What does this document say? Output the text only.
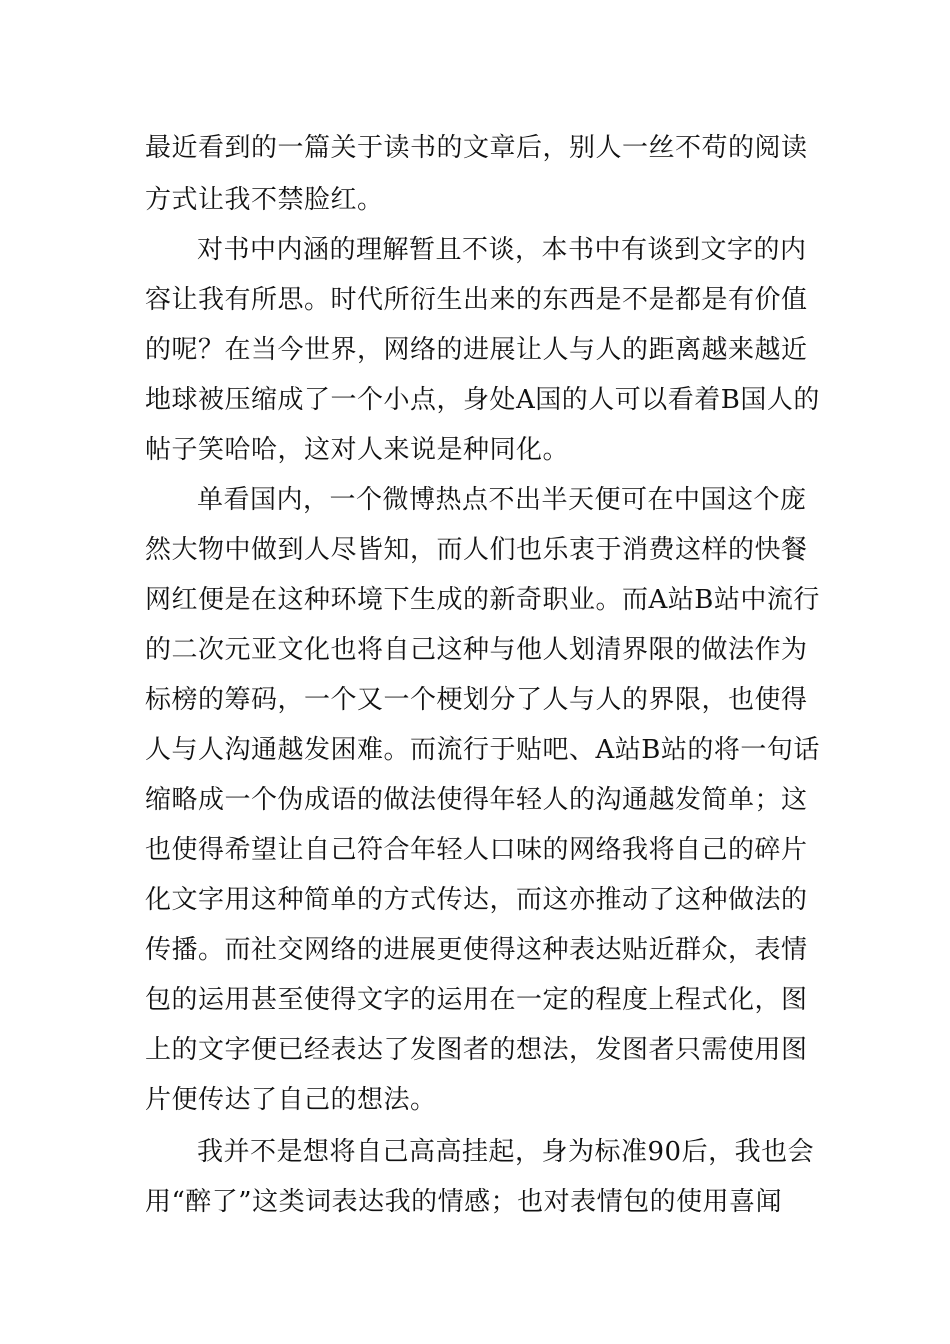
最近看到的一篇关于读书的文章后，别人一丝不苟的阅读
方式让我不禁脸红。
对书中内涵的理解暂且不谈，本书中有谈到文字的内
容让我有所思。时代所衍生出来的东西是不是都是有价值
的呢？在当今世界，网络的进展让人与人的距离越来越近
地球被压缩成了一个小点，身处A国的人可以看着B国人的
帖子笑哈哈，这对人来说是种同化。
单看国内，一个微博热点不出半天便可在中国这个庞
然大物中做到人尽皆知，而人们也乐衷于消费这样的快餐
网红便是在这种环境下生成的新奇职业。而A站B站中流行
的二次元亚文化也将自己这种与他人划清界限的做法作为
标榜的筹码，一个又一个梗划分了人与人的界限，也使得
人与人沟通越发困难。而流行于贴吧、A站B站的将一句话
缩略成一个伪成语的做法使得年轻人的沟通越发简单；这
也使得希望让自己符合年轻人口味的网络我将自己的碎片
化文字用这种简单的方式传达，而这亦推动了这种做法的
传播。而社交网络的进展更使得这种表达贴近群众，表情
包的运用甚至使得文字的运用在一定的程度上程式化，图
上的文字便已经表达了发图者的想法，发图者只需使用图
片便传达了自己的想法。
我并不是想将自己高高挂起，身为标准90后，我也会
用“醉了”这类词表达我的情感；也对表情包的使用喜闻
